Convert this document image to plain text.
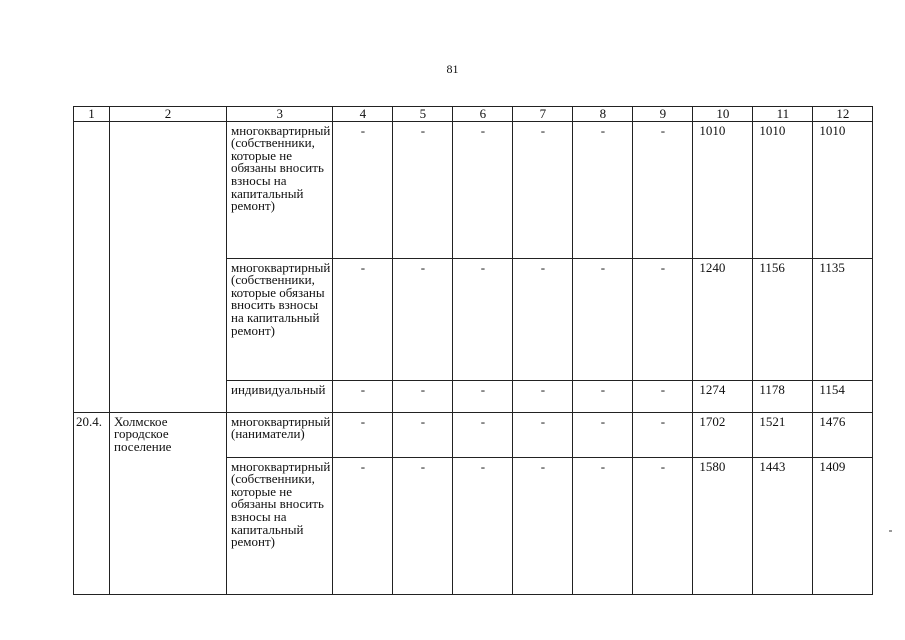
81
1	2	3	4	5	6	7	8	9	10	11	12
		многоквартирный (собственники, которые не обязаны вносить взносы на капитальный ремонт)	-	-	-	-	-	-	1010	1010	1010
		многоквартирный (собственники, которые обязаны вносить взносы на капитальный ремонт)	-	-	-	-	-	-	1240	1156	1135
		индивидуальный	-	-	-	-	-	-	1274	1178	1154
20.4.	Холмское городское поселение	многоквартирный (наниматели)	-	-	-	-	-	-	1702	1521	1476
		многоквартирный (собственники, которые не обязаны вносить взносы на капитальный ремонт)	-	-	-	-	-	-	1580	1443	1409
